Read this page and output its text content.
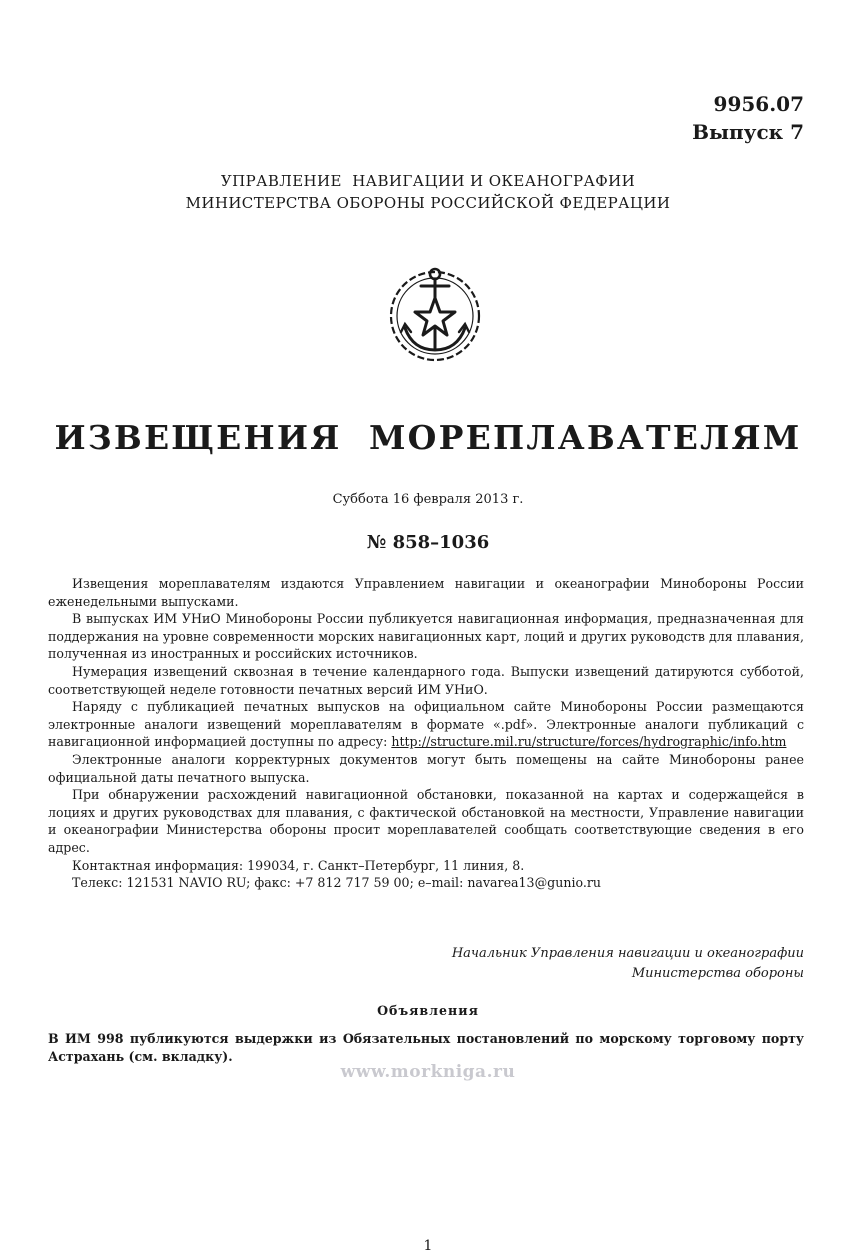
9956.07
Выпуск 7
УПРАВЛЕНИЕ  НАВИГАЦИИ И ОКЕАНОГРАФИИ
МИНИСТЕРСТВА ОБОРОНЫ РОССИЙСКОЙ ФЕДЕРАЦИИ
ИЗВЕЩЕНИЯ  МОРЕПЛАВАТЕЛЯМ
Суббота 16 февраля 2013 г.
№ 858–1036

Извещения мореплавателям издаются Управлением навигации и океанографии Минобороны России еженедельными выпусками.

В выпусках ИМ УНиО Минобороны России публикуется навигационная информация, предназначенная для поддержания на уровне современности морских навигационных карт, лоций и других руководств для плавания, полученная из иностранных и российских источников.

Нумерация извещений сквозная в течение календарного года. Выпуски извещений датируются субботой, соответствующей неделе готовности печатных версий ИМ УНиО.

Наряду с публикацией печатных выпусков на официальном сайте Минобороны России размещаются электронные аналоги извещений мореплавателям в формате «.pdf». Электронные аналоги публикаций с навигационной информацией доступны по адресу: http://structure.mil.ru/structure/forces/hydrographic/info.htm

Электронные аналоги корректурных документов могут быть помещены на сайте Минобороны ранее официальной даты печатного выпуска.

При обнаружении расхождений навигационной обстановки, показанной на картах и содержащейся в лоциях и других руководствах для плавания, с фактической обстановкой на местности, Управление навигации и океанографии Министерства обороны просит мореплавателей сообщать соответствующие сведения в его адрес.

Контактная информация: 199034, г. Санкт–Петербург, 11 линия, 8.

Телекс: 121531 NAVIO RU; факс: +7 812 717 59 00; e–mail: navarea13@gunio.ru

Начальник Управления навигации и океанографии
Министерства обороны
Объявления
В ИМ 998 публикуются выдержки из Обязательных постановлений по морскому торговому порту Астрахань (см. вкладку).
www.morkniga.ru
1
